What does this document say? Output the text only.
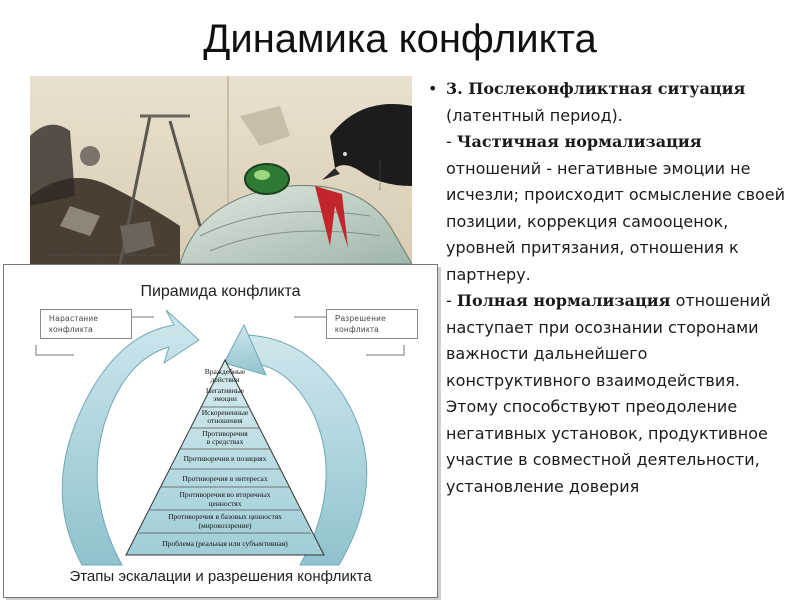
Динамика конфликта
DEAD CONDOR ... out of the fossil heap mid dread of which the human tiaer was crushed and torn
Drawing by Geoff Taylor
Пирамида конфликта
Нарастание
конфликта
Разрешение
конфликта
Враждебные
действия
Негативные
эмоции
Искорененные
отношения
Противоречия
в средствах
Противоречия в позициях
Противоречия в интересах
Противоречия во вторичных
ценностях
Противоречия в базовых ценностях
(мировоззрение)
Проблема (реальная или субъективная)
Этапы эскалации и разрешения конфликта
• 3. Послеконфликтная ситуация (латентный период).
- Частичная нормализация отношений - негативные эмоции не исчезли; происходит осмысление своей позиции, коррекция самооценок, уровней притязания, отношения к партнеру.
- Полная нормализация отношений наступает при осознании сторонами важности дальнейшего конструктивного взаимодействия. Этому способствуют преодоление негативных установок, продуктивное участие в совместной деятельности, установление доверия
